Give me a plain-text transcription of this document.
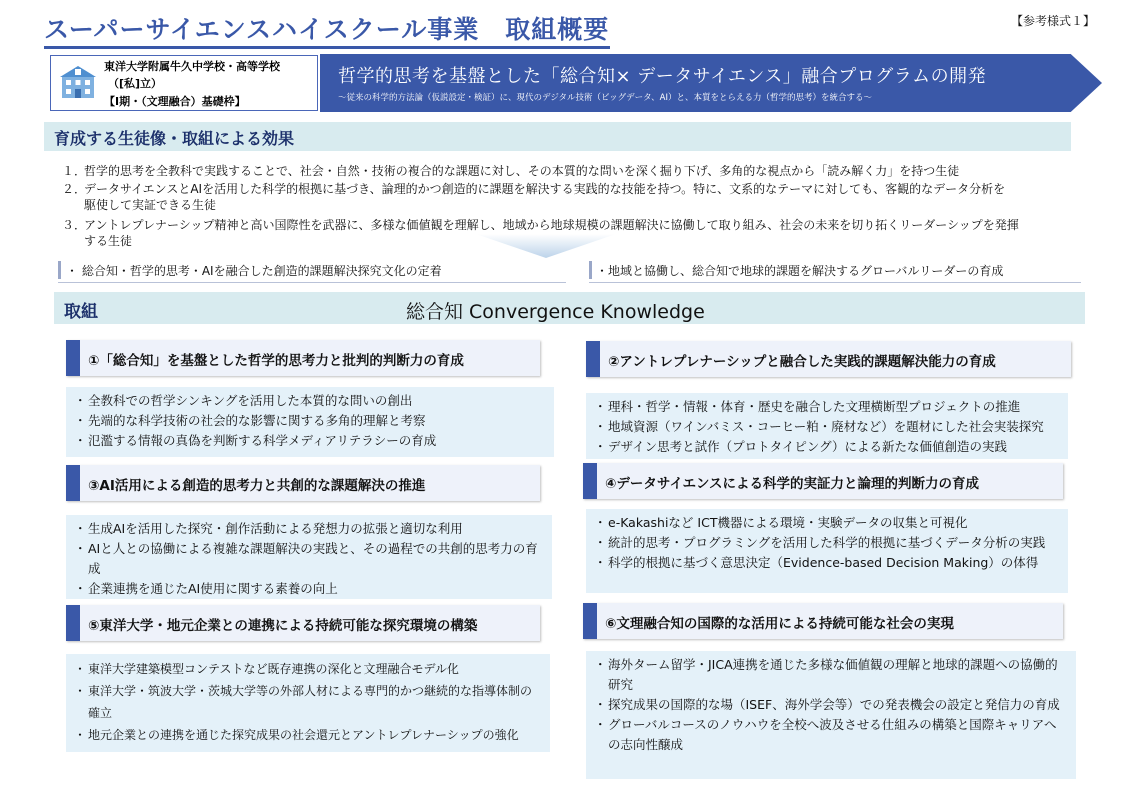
スーパーサイエンスハイスクール事業　取組概要	【参考様式１】
東洋大学附属牛久中学校・高等学校
（[私]立）
【Ⅰ期・（文理融合）基礎枠】
哲学的思考を基盤とした「総合知× データサイエンス」融合プログラムの開発
～従来の科学的方法論（仮説設定・検証）に、現代のデジタル技術（ビッグデータ、AI）と、本質をとらえる力（哲学的思考）を統合する～
育成する生徒像・取組による効果
１．哲学的思考を全教科で実践することで、社会・自然・技術の複合的な課題に対し、その本質的な問いを深く掘り下げ、多角的な視点から「読み解く力」を持つ生徒
２．データサイエンスとAIを活用した科学的根拠に基づき、論理的かつ創造的に課題を解決する実践的な技能を持つ。特に、文系的なテーマに対しても、客観的なデータ分析を
駆使して実証できる生徒
３．アントレプレナーシップ精神と高い国際性を武器に、多様な価値観を理解し、地域から地球規模の課題解決に協働して取り組み、社会の未来を切り拓くリーダーシップを発揮
する生徒
・ 総合知・哲学的思考・AIを融合した創造的課題解決探究文化の定着	・地域と協働し、総合知で地球的課題を解決するグローバルリーダーの育成
取組	総合知 Convergence Knowledge
①「総合知」を基盤とした哲学的思考力と批判的判断力の育成
・ 全教科での哲学シンキングを活用した本質的な問いの創出
・ 先端的な科学技術の社会的な影響に関する多角的理解と考察
・ 氾濫する情報の真偽を判断する科学メディアリテラシーの育成
②アントレプレナーシップと融合した実践的課題解決能力の育成
・ 理科・哲学・情報・体育・歴史を融合した文理横断型プロジェクトの推進
・ 地域資源（ワインバミス・コーヒー粕・廃材など）を題材にした社会実装探究
・ デザイン思考と試作（プロトタイピング）による新たな価値創造の実践
③AI活用による創造的思考力と共創的な課題解決の推進
・ 生成AIを活用した探究・創作活動による発想力の拡張と適切な利用
・ AIと人との協働による複雑な課題解決の実践と、その過程での共創的思考力の育成
・ 企業連携を通じたAI使用に関する素養の向上
④データサイエンスによる科学的実証力と論理的判断力の育成
・ e-Kakashiなど ICT機器による環境・実験データの収集と可視化
・ 統計的思考・プログラミングを活用した科学的根拠に基づくデータ分析の実践
・ 科学的根拠に基づく意思決定（Evidence-based Decision Making）の体得
⑤東洋大学・地元企業との連携による持続可能な探究環境の構築
・ 東洋大学建築模型コンテストなど既存連携の深化と文理融合モデル化
・ 東洋大学・筑波大学・茨城大学等の外部人材による専門的かつ継続的な指導体制の確立
・ 地元企業との連携を通じた探究成果の社会還元とアントレプレナーシップの強化
⑥文理融合知の国際的な活用による持続可能な社会の実現
・ 海外ターム留学・JICA連携を通じた多様な価値観の理解と地球的課題への協働的研究
・ 探究成果の国際的な場（ISEF、海外学会等）での発表機会の設定と発信力の育成
・ グローバルコースのノウハウを全校へ波及させる仕組みの構築と国際キャリアへの志向性醸成
